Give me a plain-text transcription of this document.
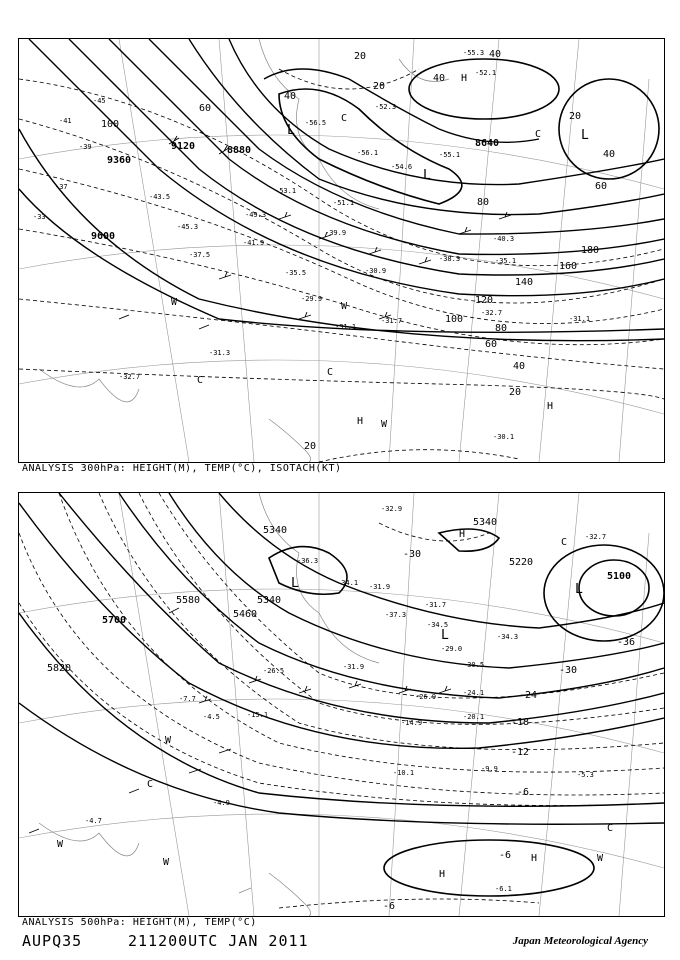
9120	8880
8640
9360
9600
100
60
20	40
40
20
20
40
80
180
160
140
120
100
80
60
40
20
20
40
60
L
L
L
H
H
H
C
C
C
C
W	W
W
-53.1
-51.1
-56.1
-54.6
-55.3
-52.1
-52.3
-56.5
-55.1
-43.5
-49.3
-37.5
-29.9
-31.1
-32.7
-31.3
-35.1
-38.3
-40.3
-45.3
-41.9
-35.5
-31.7
-39.9
-30.9
-32.7
-31.1
-30.1
-33
-37
-41
-39
-45
ANALYSIS 300hPa: HEIGHT(M), TEMP(°C), ISOTACH(KT)
5340
5580
5460
5340
5700
5820
5340
5220
5100
-30
-36
-30
-24
-18
-12
-6
-6
-6
L
L
L
H
H
H
C
C
C
W
W
W	W
-36.3
-32.9
-34.1 -31.9
-37.3
-31.7
-34.5
-30.5
-26.9	-24.1
-20.1
-14.9
-10.1	-9.9
-5.3
-4.9
-6.1
-29.0
-31.9
-26.5
-15.1
-7.7
-4.5
-4.7
-32.7
-34.3
ANALYSIS 500hPa: HEIGHT(M), TEMP(°C)
AUPQ35	211200UTC JAN 2011	Japan Meteorological Agency
